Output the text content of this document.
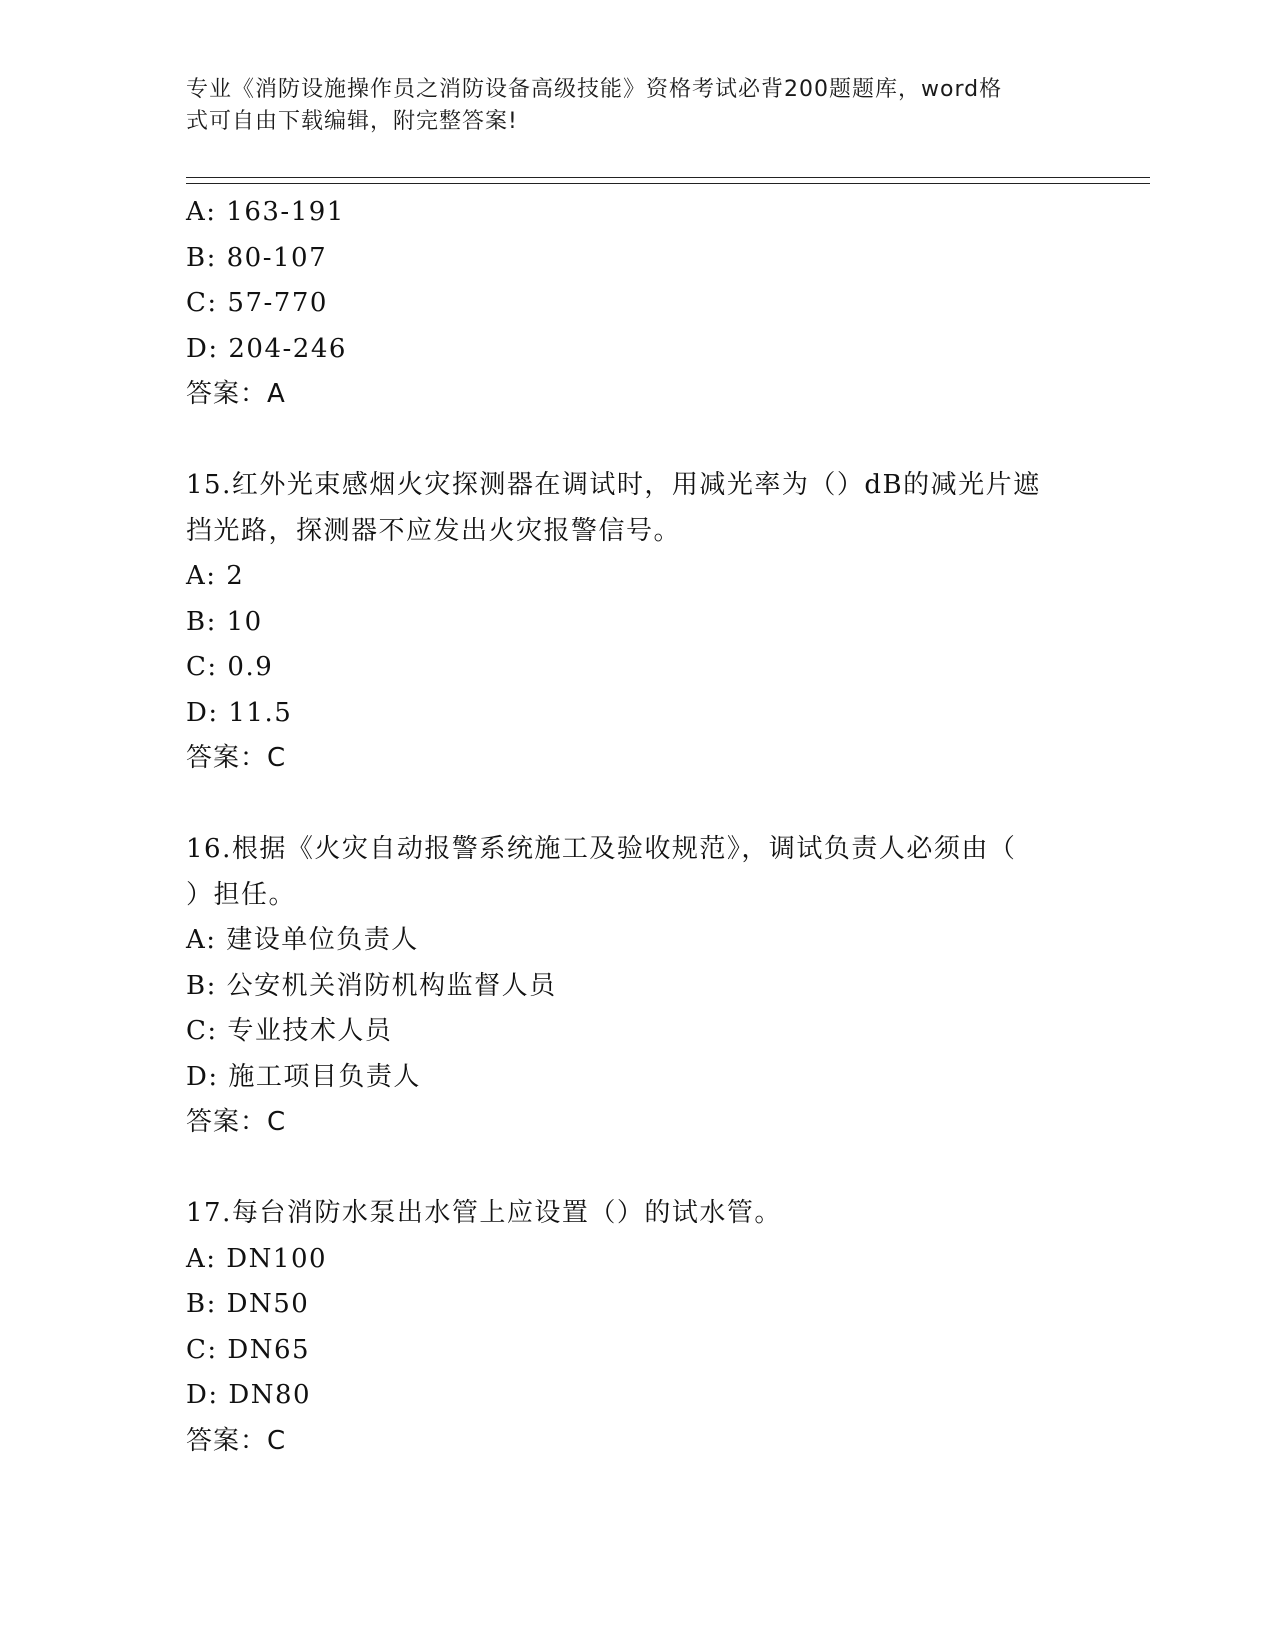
专业《消防设施操作员之消防设备高级技能》资格考试必背200题题库，word格
式可自由下载编辑，附完整答案!
A: 163-191
B: 80-107
C: 57-770
D: 204-246
答案：A
15.红外光束感烟火灾探测器在调试时，用减光率为（）dB的减光片遮
挡光路，探测器不应发出火灾报警信号。
A: 2
B: 10
C: 0.9
D: 11.5
答案：C
16.根据《火灾自动报警系统施工及验收规范》，调试负责人必须由（
）担任。
A: 建设单位负责人
B: 公安机关消防机构监督人员
C: 专业技术人员
D: 施工项目负责人
答案：C
17.每台消防水泵出水管上应设置（）的试水管。
A: DN100
B: DN50
C: DN65
D: DN80
答案：C
